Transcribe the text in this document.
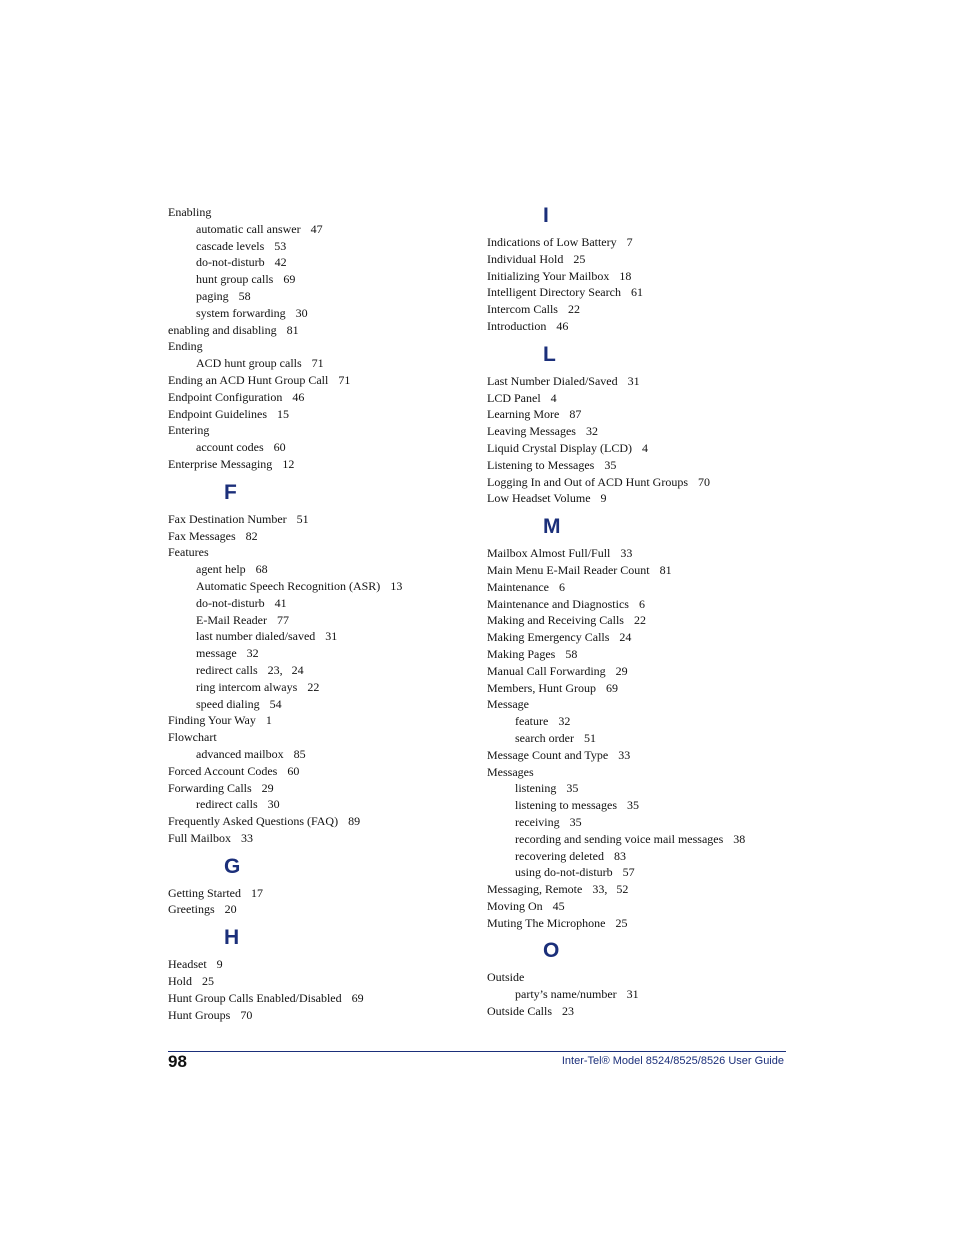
Enabling
automatic call answer 47
cascade levels 53
do-not-disturb 42
hunt group calls 69
paging 58
system forwarding 30
enabling and disabling 81
Ending
ACD hunt group calls 71
Ending an ACD Hunt Group Call 71
Endpoint Configuration 46
Endpoint Guidelines 15
Entering
account codes 60
Enterprise Messaging 12
F
Fax Destination Number 51
Fax Messages 82
Features
agent help 68
Automatic Speech Recognition (ASR) 13
do-not-disturb 41
E-Mail Reader 77
last number dialed/saved 31
message 32
redirect calls 23,   24
ring intercom always 22
speed dialing 54
Finding Your Way 1
Flowchart
advanced mailbox 85
Forced Account Codes 60
Forwarding Calls 29
redirect calls 30
Frequently Asked Questions (FAQ) 89
Full Mailbox 33
G
Getting Started 17
Greetings 20
H
Headset 9
Hold 25
Hunt Group Calls Enabled/Disabled 69
Hunt Groups 70
I
Indications of Low Battery 7
Individual Hold 25
Initializing Your Mailbox 18
Intelligent Directory Search 61
Intercom Calls 22
Introduction 46
L
Last Number Dialed/Saved 31
LCD Panel 4
Learning More 87
Leaving Messages 32
Liquid Crystal Display (LCD) 4
Listening to Messages 35
Logging In and Out of ACD Hunt Groups 70
Low Headset Volume 9
M
Mailbox Almost Full/Full 33
Main Menu E-Mail Reader Count 81
Maintenance 6
Maintenance and Diagnostics 6
Making and Receiving Calls 22
Making Emergency Calls 24
Making Pages 58
Manual Call Forwarding 29
Members, Hunt Group 69
Message
feature 32
search order 51
Message Count and Type 33
Messages
listening 35
listening to messages 35
receiving 35
recording and sending voice mail messages 38
recovering deleted 83
using do-not-disturb 57
Messaging, Remote 33,   52
Moving On 45
Muting The Microphone 25
O
Outside
party’s name/number 31
Outside Calls 23
98	Inter-Tel® Model 8524/8525/8526 User Guide
